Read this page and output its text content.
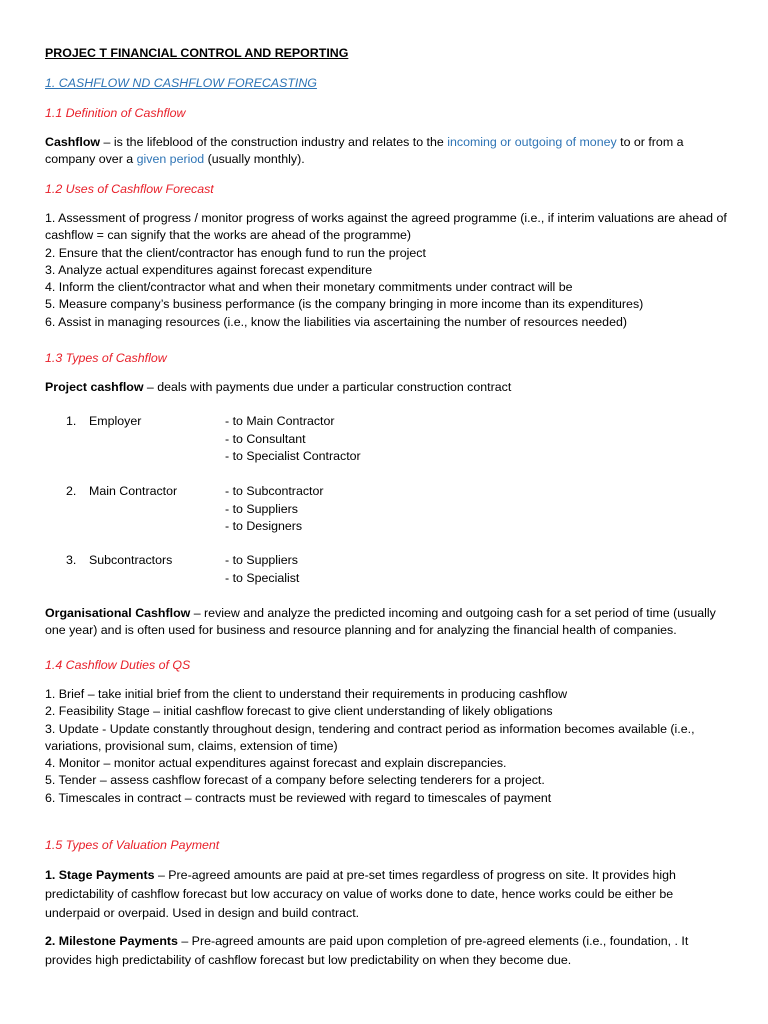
PROJEC T FINANCIAL CONTROL AND REPORTING
1. CASHFLOW ND CASHFLOW FORECASTING
1.1 Definition of Cashflow

Cashflow – is the lifeblood of the construction industry and relates to the incoming or outgoing of money to or from a company over a given period (usually monthly).

1.2 Uses of Cashflow Forecast

1. Assessment of progress / monitor progress of works against the agreed programme (i.e., if interim valuations are ahead of cashflow = can signify that the works are ahead of the programme)

2. Ensure that the client/contractor has enough fund to run the project

3. Analyze actual expenditures against forecast expenditure

4. Inform the client/contractor what and when their monetary commitments under contract will be

5. Measure company’s business performance (is the company bringing in more income than its expenditures)

6. Assist in managing resources (i.e., know the liabilities via ascertaining the number of resources needed)

1.3 Types of Cashflow

Project cashflow – deals with payments due under a particular construction contract

1. Employer	- to Main Contractor
- to Consultant
- to Specialist Contractor
2. Main Contractor	- to Subcontractor
- to Suppliers
- to Designers
3. Subcontractors	- to Suppliers
- to Specialist

Organisational Cashflow – review and analyze the predicted incoming and outgoing cash for a set period of time (usually one year) and is often used for business and resource planning and for analyzing the financial health of companies.

1.4 Cashflow Duties of QS

1. Brief – take initial brief from the client to understand their requirements in producing cashflow

2. Feasibility Stage – initial cashflow forecast to give client understanding of likely obligations

3. Update - Update constantly throughout design, tendering and contract period as information becomes available (i.e., variations, provisional sum, claims, extension of time)

4. Monitor – monitor actual expenditures against forecast and explain discrepancies.

5. Tender – assess cashflow forecast of a company before selecting tenderers for a project.

6. Timescales in contract – contracts must be reviewed with regard to timescales of payment

1.5 Types of Valuation Payment

1. Stage Payments – Pre-agreed amounts are paid at pre-set times regardless of progress on site. It provides high predictability of cashflow forecast but low accuracy on value of works done to date, hence works could be either be underpaid or overpaid. Used in design and build contract.

2. Milestone Payments – Pre-agreed amounts are paid upon completion of pre-agreed elements (i.e., foundation, . It provides high predictability of cashflow forecast but low predictability on when they become due.
